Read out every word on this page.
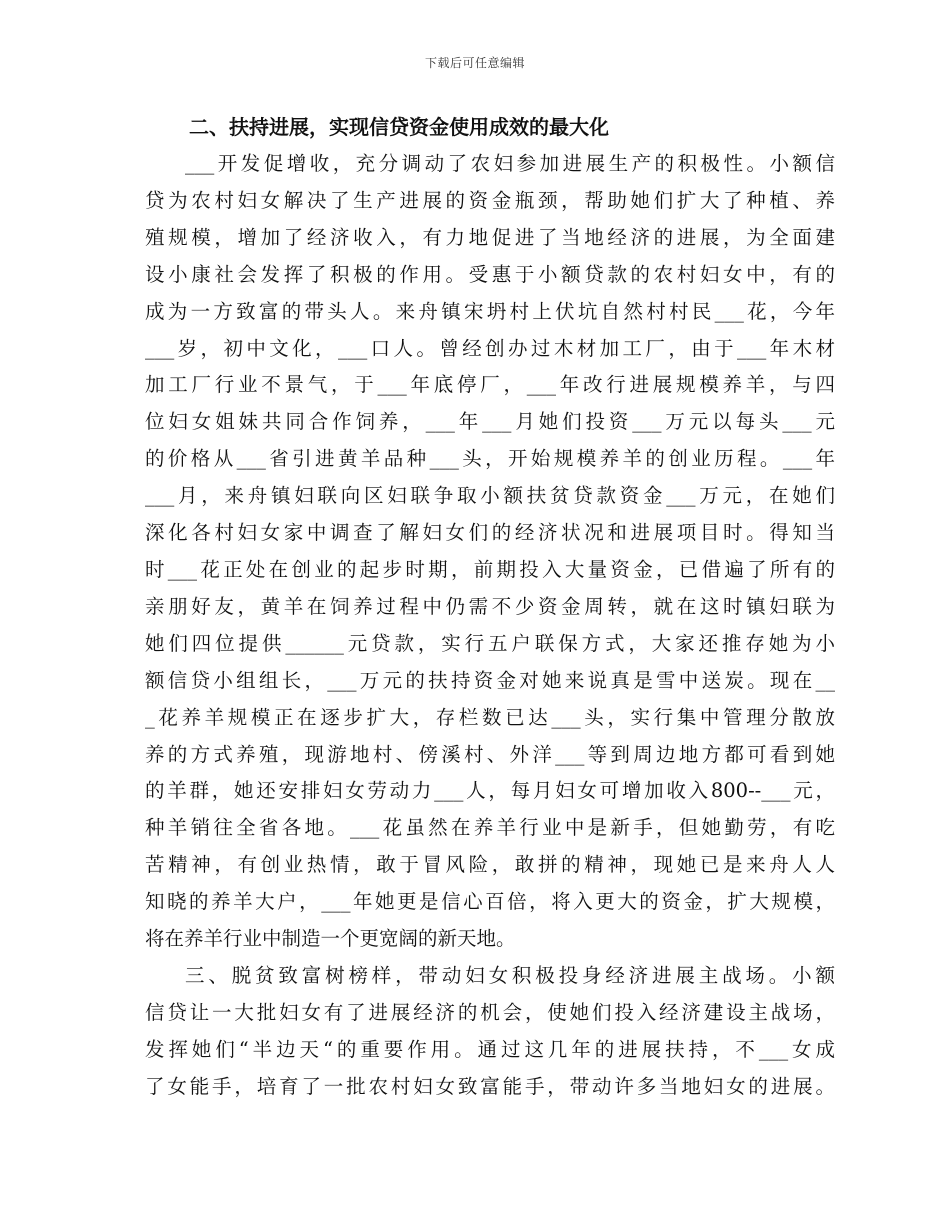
下载后可任意编辑
二、扶持进展，实现信贷资金使用成效的最大化
___开发促增收，充分调动了农妇参加进展生产的积极性。小额信
贷为农村妇女解决了生产进展的资金瓶颈，帮助她们扩大了种植、养
殖规模，增加了经济收入，有力地促进了当地经济的进展，为全面建
设小康社会发挥了积极的作用。受惠于小额贷款的农村妇女中，有的
成为一方致富的带头人。来舟镇宋坍村上伏坑自然村村民___花，今年
___岁，初中文化，___口人。曾经创办过木材加工厂，由于___年木材
加工厂行业不景气，于___年底停厂，___年改行进展规模养羊，与四
位妇女姐妹共同合作饲养，___年___月她们投资___万元以每头___元
的价格从___省引进黄羊品种___头，开始规模养羊的创业历程。___年
___月，来舟镇妇联向区妇联争取小额扶贫贷款资金___万元，在她们
深化各村妇女家中调查了解妇女们的经济状况和进展项目时。得知当
时___花正处在创业的起步时期，前期投入大量资金，已借遍了所有的
亲朋好友，黄羊在饲养过程中仍需不少资金周转，就在这时镇妇联为
她们四位提供______元贷款，实行五户联保方式，大家还推存她为小
额信贷小组组长，___万元的扶持资金对她来说真是雪中送炭。现在__
_花养羊规模正在逐步扩大，存栏数已达___头，实行集中管理分散放
养的方式养殖，现游地村、傍溪村、外洋___等到周边地方都可看到她
的羊群，她还安排妇女劳动力___人，每月妇女可增加收入800--___元，
种羊销往全省各地。___花虽然在养羊行业中是新手，但她勤劳，有吃
苦精神，有创业热情，敢于冒风险，敢拼的精神，现她已是来舟人人
知晓的养羊大户，___年她更是信心百倍，将入更大的资金，扩大规模，
将在养羊行业中制造一个更宽阔的新天地。
三、脱贫致富树榜样，带动妇女积极投身经济进展主战场。小额
信贷让一大批妇女有了进展经济的机会，使她们投入经济建设主战场，
发挥她们“半边天“的重要作用。通过这几年的进展扶持，不___女成
了女能手，培育了一批农村妇女致富能手，带动许多当地妇女的进展。
